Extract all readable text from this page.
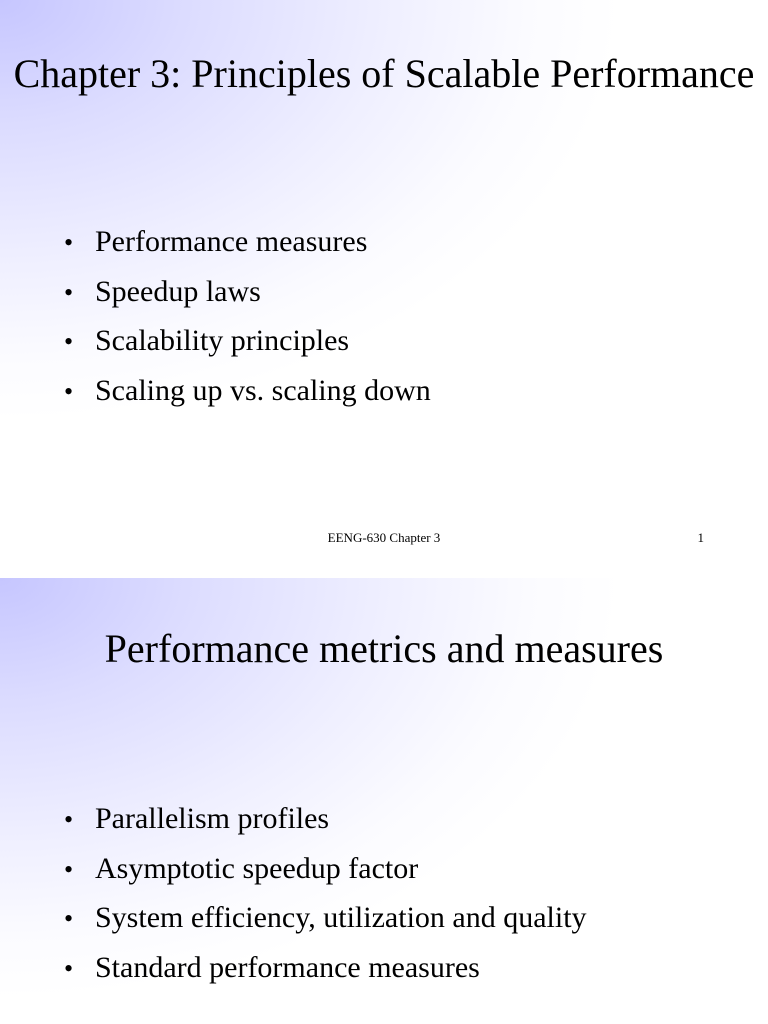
Chapter 3: Principles of Scalable Performance
• Performance measures
• Speedup laws
• Scalability principles
• Scaling up vs. scaling down
EENG-630 Chapter 3	1
Performance metrics and measures
• Parallelism profiles
• Asymptotic speedup factor
• System efficiency, utilization and quality
• Standard performance measures
